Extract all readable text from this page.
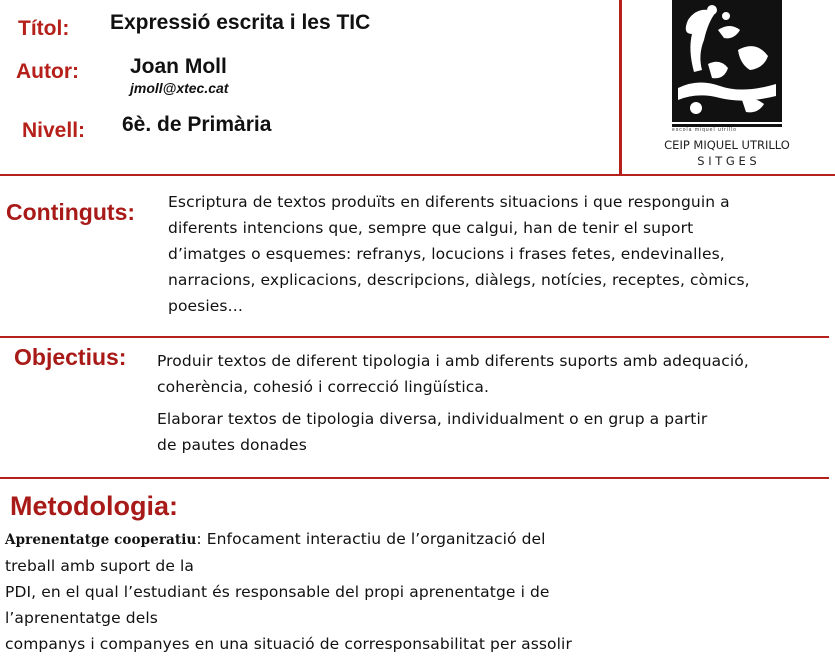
Títol: Expressió escrita i les TIC
Autor: Joan Moll
jmoll@xtec.cat
Nivell: 6è. de Primària	escola miquel utrillo
CEIP MIQUEL UTRILLO
S I T G E S
Continguts: Escriptura de textos produïts en diferents situacions i que responguin a

diferents intencions que, sempre que calgui, han de tenir el suport

d’imatges o esquemes: refranys, locucions i frases fetes, endevinalles,

narracions, explicacions, descripcions, diàlegs, notícies, receptes, còmics,

poesies…

Objectius: Produir textos de diferent tipologia i amb diferents suports amb adequació,

coherència, cohesió i correcció lingüística.

Elaborar textos de tipologia diversa, individualment o en grup a partir

de pautes donades

Metodologia:

Aprenentatge cooperatiu: Enfocament interactiu de l’organització del

treball amb suport de la

PDI, en el qual l’estudiant és responsable del propi aprenentatge i de

l’aprenentatge dels

companys i companyes en una situació de corresponsabilitat per assolir
